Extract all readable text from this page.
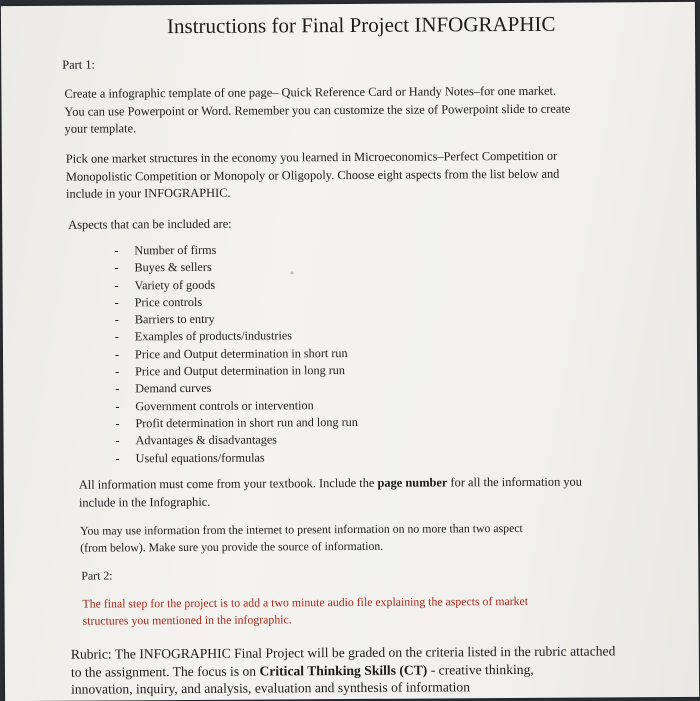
Instructions for Final Project INFOGRAPHIC
Part 1:
Create a infographic template of one page– Quick Reference Card or Handy Notes–for one market.
You can use Powerpoint or Word. Remember you can customize the size of Powerpoint slide to create
your template.
Pick one market structures in the economy you learned in Microeconomics–Perfect Competition or
Monopolistic Competition or Monopoly or Oligopoly. Choose eight aspects from the list below and
include in your INFOGRAPHIC.
Aspects that can be included are:
- Number of firms
- Buyes & sellers
- Variety of goods
- Price controls
- Barriers to entry
- Examples of products/industries
- Price and Output determination in short run
- Price and Output determination in long run
- Demand curves
- Government controls or intervention
- Profit determination in short run and long run
- Advantages & disadvantages
- Useful equations/formulas
All information must come from your textbook. Include the page number for all the information you
include in the Infographic.
You may use information from the internet to present information on no more than two aspect
(from below). Make sure you provide the source of information.
Part 2:
The final step for the project is to add a two minute audio file explaining the aspects of market
structures you mentioned in the infographic.
Rubric: The INFOGRAPHIC Final Project will be graded on the criteria listed in the rubric attached
to the assignment. The focus is on Critical Thinking Skills (CT) - creative thinking,
innovation, inquiry, and analysis, evaluation and synthesis of information
